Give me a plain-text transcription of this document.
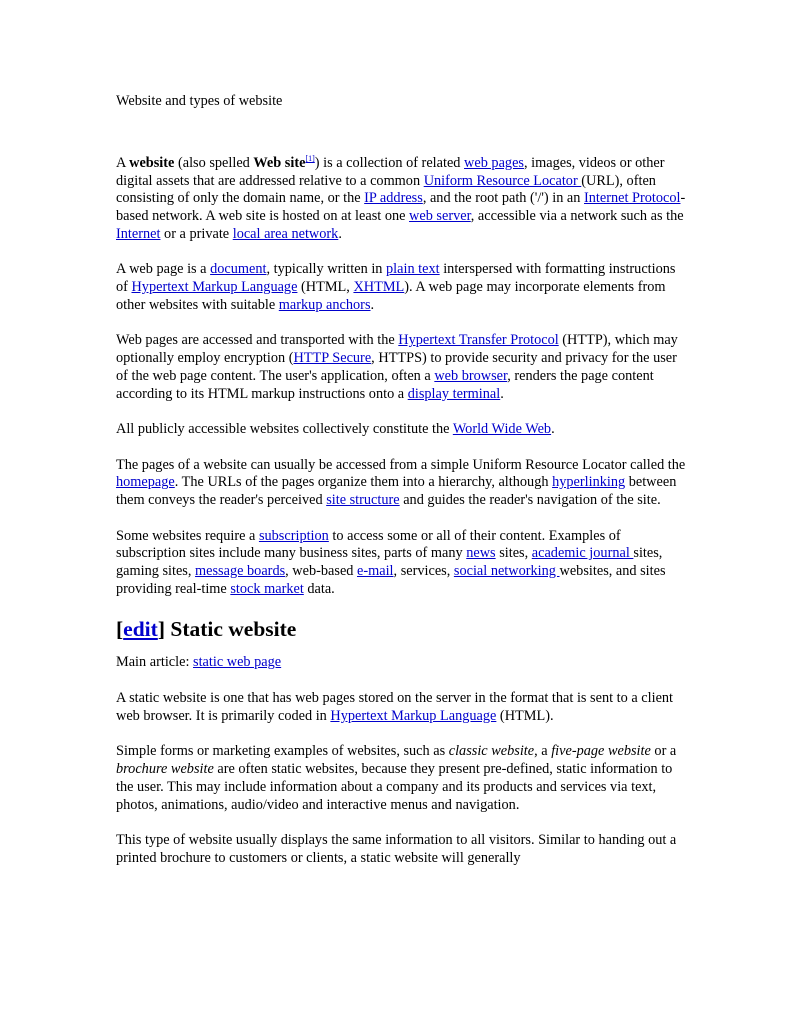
Website and types of website

A website (also spelled Web site[1]) is a collection of related web pages, images, videos or other digital assets that are addressed relative to a common Uniform Resource Locator (URL), often consisting of only the domain name, or the IP address, and the root path ('/') in an Internet Protocol-based network. A web site is hosted on at least one web server, accessible via a network such as the Internet or a private local area network.

A web page is a document, typically written in plain text interspersed with formatting instructions of Hypertext Markup Language (HTML, XHTML). A web page may incorporate elements from other websites with suitable markup anchors.

Web pages are accessed and transported with the Hypertext Transfer Protocol (HTTP), which may optionally employ encryption (HTTP Secure, HTTPS) to provide security and privacy for the user of the web page content. The user's application, often a web browser, renders the page content according to its HTML markup instructions onto a display terminal.

All publicly accessible websites collectively constitute the World Wide Web.

The pages of a website can usually be accessed from a simple Uniform Resource Locator called the homepage. The URLs of the pages organize them into a hierarchy, although hyperlinking between them conveys the reader's perceived site structure and guides the reader's navigation of the site.

Some websites require a subscription to access some or all of their content. Examples of subscription sites include many business sites, parts of many news sites, academic journal sites, gaming sites, message boards, web-based e-mail, services, social networking websites, and sites providing real-time stock market data.

[edit] Static website
Main article: static web page

A static website is one that has web pages stored on the server in the format that is sent to a client web browser. It is primarily coded in Hypertext Markup Language (HTML).

Simple forms or marketing examples of websites, such as classic website, a five-page website or a brochure website are often static websites, because they present pre-defined, static information to the user. This may include information about a company and its products and services via text, photos, animations, audio/video and interactive menus and navigation.

This type of website usually displays the same information to all visitors. Similar to handing out a printed brochure to customers or clients, a static website will generally
